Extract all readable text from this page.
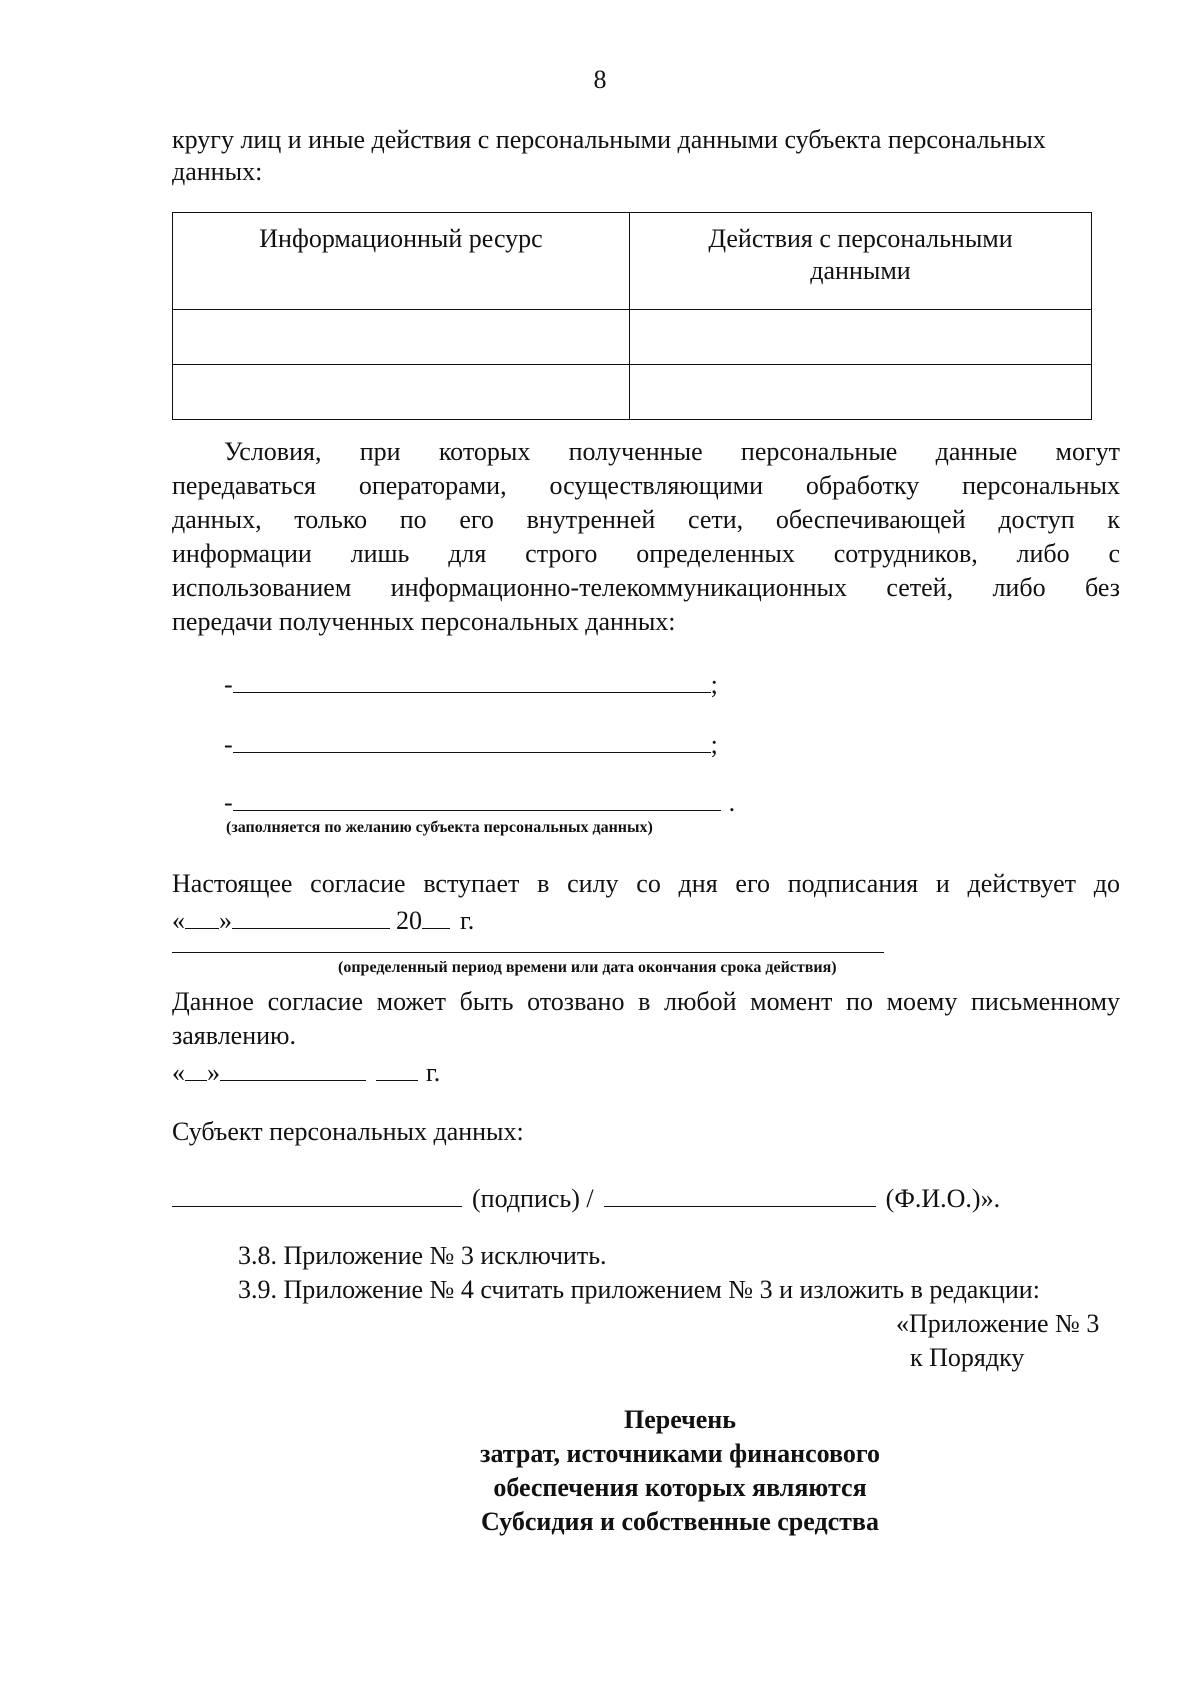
8
кругу лиц и иные действия с персональными данными субъекта персональных
данных:
Информационный ресурс	Действия с персональными данными

Условия, при которых полученные персональные данные могут
передаваться операторами, осуществляющими обработку персональных
данных, только по его внутренней сети, обеспечивающей доступ к
информации лишь для строго определенных сотрудников, либо с
использованием информационно-телекоммуникационных сетей, либо без
передачи полученных персональных данных:
-	;
-	;
-	.
(заполняется по желанию субъекта персональных данных)
Настоящее согласие вступает в силу со дня его подписания и действует до
« »	20 г.
(определенный период времени или дата окончания срока действия)
Данное согласие может быть отозвано в любой момент по моему письменному
заявлению.
« »	г.
Субъект персональных данных:
(подпись) /	(Ф.И.О.)».
3.8. Приложение № 3 исключить.
3.9. Приложение № 4 считать приложением № 3 и изложить в редакции:
«Приложение № 3
к Порядку
Перечень
затрат, источниками финансового
обеспечения которых являются
Субсидия и собственные средства
